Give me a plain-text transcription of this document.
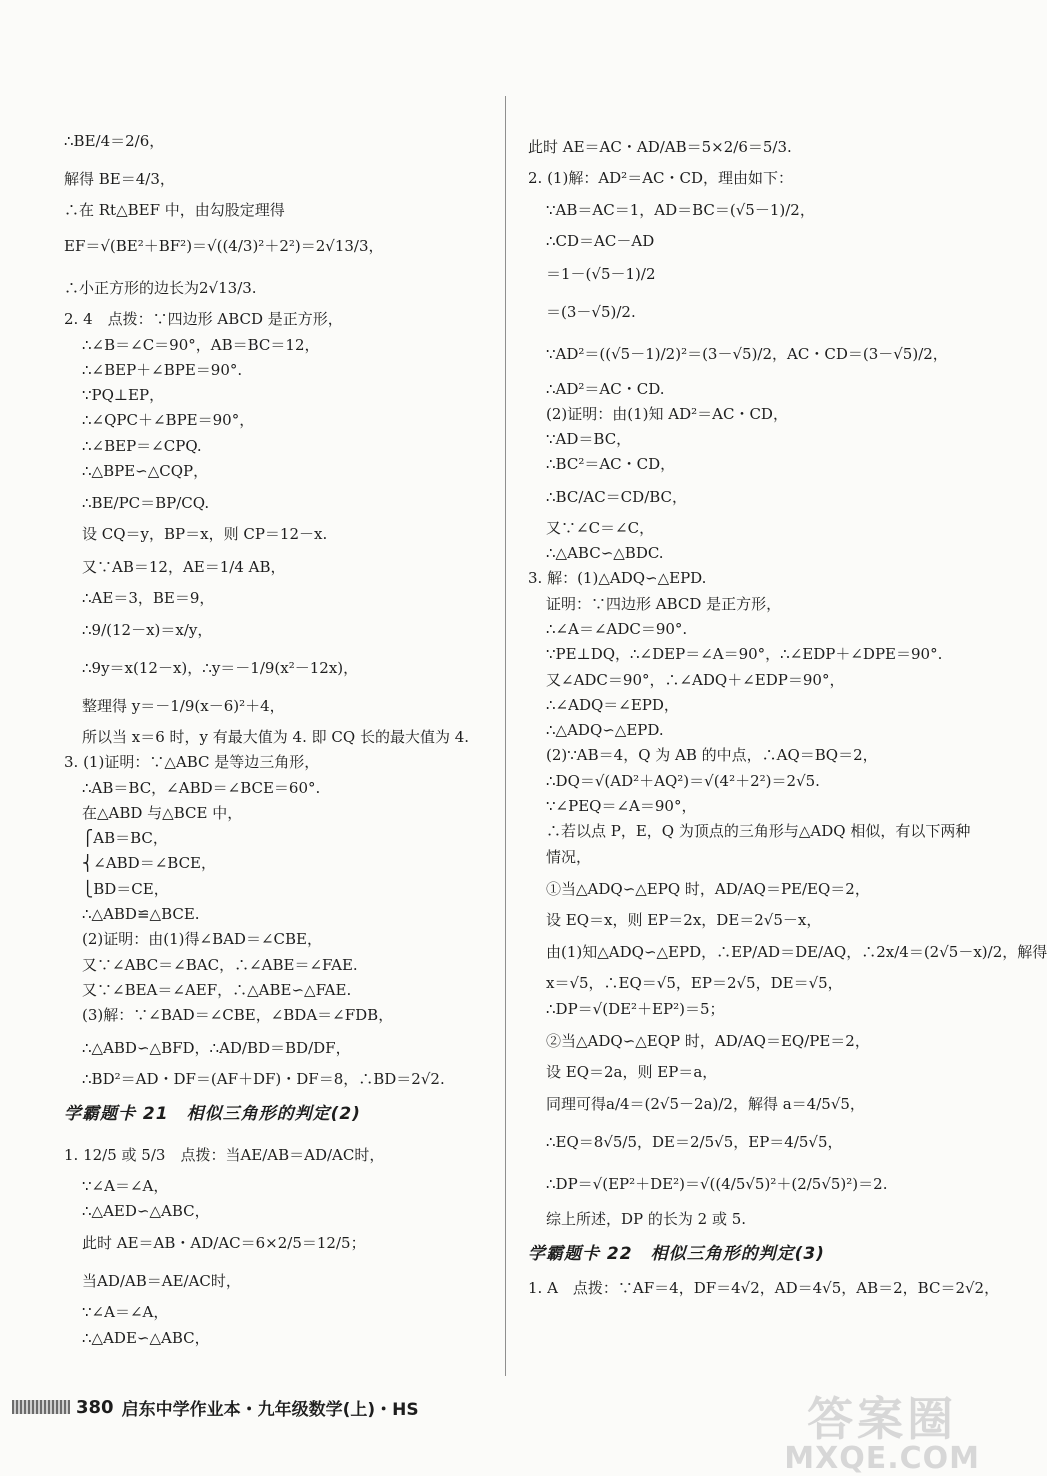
∴BE/4＝2/6，
解得 BE＝4/3，
∴在 Rt△BEF 中，由勾股定理得
EF＝√(BE²＋BF²)＝√((4/3)²＋2²)＝2√13/3，
∴小正方形的边长为2√13/3.
2. 4　点拨：∵四边形 ABCD 是正方形，
∴∠B＝∠C＝90°，AB＝BC＝12，
∴∠BEP＋∠BPE＝90°.
∵PQ⊥EP，
∴∠QPC＋∠BPE＝90°，
∴∠BEP＝∠CPQ.
∴△BPE∽△CQP，
∴BE/PC＝BP/CQ.
设 CQ＝y，BP＝x，则 CP＝12－x.
又∵AB＝12，AE＝1/4 AB，
∴AE＝3，BE＝9，
∴9/(12－x)＝x/y，
∴9y＝x(12－x)，∴y＝－1/9(x²－12x)，
整理得 y＝－1/9(x－6)²＋4，
所以当 x＝6 时，y 有最大值为 4. 即 CQ 长的最大值为 4.
3. (1)证明：∵△ABC 是等边三角形，
∴AB＝BC，∠ABD＝∠BCE＝60°.
在△ABD 与△BCE 中，
⎧AB＝BC，
⎨∠ABD＝∠BCE，
⎩BD＝CE，
∴△ABD≌△BCE.
(2)证明：由(1)得∠BAD＝∠CBE，
又∵∠ABC＝∠BAC，∴∠ABE＝∠FAE.
又∵∠BEA＝∠AEF，∴△ABE∽△FAE.
(3)解：∵∠BAD＝∠CBE，∠BDA＝∠FDB，
∴△ABD∽△BFD，∴AD/BD＝BD/DF，
∴BD²＝AD・DF＝(AF＋DF)・DF＝8，∴BD＝2√2.
学霸题卡 21　相似三角形的判定(2)
1. 12/5 或 5/3　点拨：当AE/AB＝AD/AC时，
∵∠A＝∠A，
∴△AED∽△ABC，
此时 AE＝AB・AD/AC＝6×2/5＝12/5；
当AD/AB＝AE/AC时，
∵∠A＝∠A，
∴△ADE∽△ABC，
此时 AE＝AC・AD/AB＝5×2/6＝5/3.
2. (1)解：AD²＝AC・CD，理由如下：
∵AB＝AC＝1，AD＝BC＝(√5－1)/2，
∴CD＝AC－AD
＝1－(√5－1)/2
＝(3－√5)/2.
∵AD²＝((√5－1)/2)²＝(3－√5)/2，AC・CD＝(3－√5)/2，
∴AD²＝AC・CD.
(2)证明：由(1)知 AD²＝AC・CD，
∵AD＝BC，
∴BC²＝AC・CD，
∴BC/AC＝CD/BC，
又∵∠C＝∠C，
∴△ABC∽△BDC.
3. 解：(1)△ADQ∽△EPD.
证明：∵四边形 ABCD 是正方形，
∴∠A＝∠ADC＝90°.
∵PE⊥DQ，∴∠DEP＝∠A＝90°，∴∠EDP＋∠DPE＝90°.
又∠ADC＝90°，∴∠ADQ＋∠EDP＝90°，
∴∠ADQ＝∠EPD，
∴△ADQ∽△EPD.
(2)∵AB＝4，Q 为 AB 的中点，∴AQ＝BQ＝2，
∴DQ＝√(AD²＋AQ²)＝√(4²＋2²)＝2√5.
∵∠PEQ＝∠A＝90°，
∴若以点 P，E，Q 为顶点的三角形与△ADQ 相似，有以下两种
情况，
①当△ADQ∽△EPQ 时，AD/AQ＝PE/EQ＝2，
设 EQ＝x，则 EP＝2x，DE＝2√5－x，
由(1)知△ADQ∽△EPD，∴EP/AD＝DE/AQ，∴2x/4＝(2√5－x)/2，解得
x＝√5，∴EQ＝√5，EP＝2√5，DE＝√5，
∴DP＝√(DE²＋EP²)＝5；
②当△ADQ∽△EQP 时，AD/AQ＝EQ/PE＝2，
设 EQ＝2a，则 EP＝a，
同理可得a/4＝(2√5－2a)/2，解得 a＝4/5√5，
∴EQ＝8√5/5，DE＝2/5√5，EP＝4/5√5，
∴DP＝√(EP²＋DE²)＝√((4/5√5)²＋(2/5√5)²)＝2.
综上所述，DP 的长为 2 或 5.
学霸题卡 22　相似三角形的判定(3)
1. A　点拨：∵AF＝4，DF＝4√2，AD＝4√5，AB＝2，BC＝2√2，
380 启东中学作业本・九年级数学(上)・HS	答案圈
MXQE.COM
